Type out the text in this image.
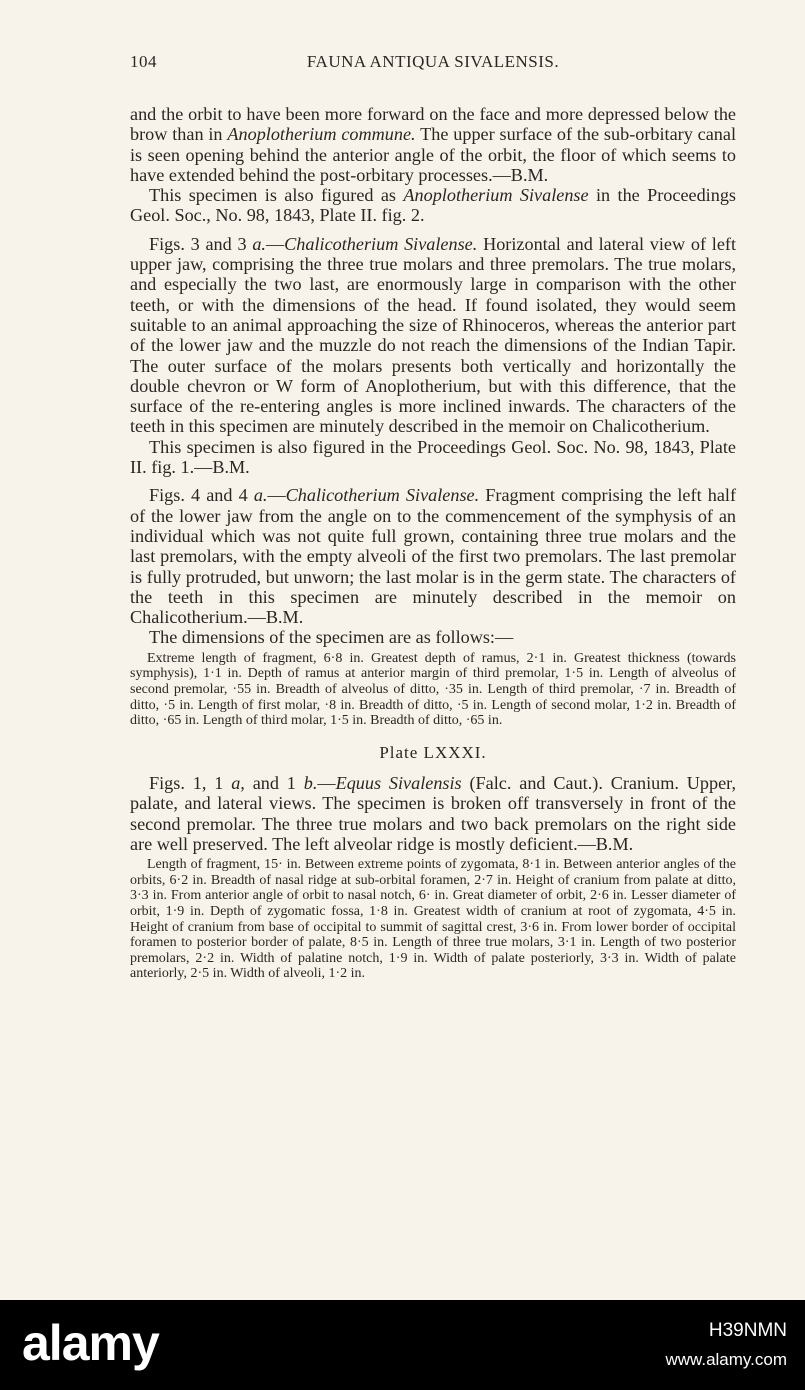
104	FAUNA ANTIQUA SIVALENSIS.

and the orbit to have been more forward on the face and more depressed below the brow than in Anoplotherium commune. The upper surface of the sub-orbitary canal is seen opening behind the anterior angle of the orbit, the floor of which seems to have extended behind the post-orbitary processes.—B.M.

This specimen is also figured as Anoplotherium Sivalense in the Proceedings Geol. Soc., No. 98, 1843, Plate II. fig. 2.

Figs. 3 and 3 a.—Chalicotherium Sivalense. Horizontal and lateral view of left upper jaw, comprising the three true molars and three premolars. The true molars, and especially the two last, are enormously large in comparison with the other teeth, or with the dimensions of the head. If found isolated, they would seem suitable to an animal approaching the size of Rhinoceros, whereas the anterior part of the lower jaw and the muzzle do not reach the dimensions of the Indian Tapir. The outer surface of the molars presents both vertically and horizontally the double chevron or W form of Anoplotherium, but with this difference, that the surface of the re-entering angles is more inclined inwards. The characters of the teeth in this specimen are minutely described in the memoir on Chalicotherium.

This specimen is also figured in the Proceedings Geol. Soc. No. 98, 1843, Plate II. fig. 1.—B.M.

Figs. 4 and 4 a.—Chalicotherium Sivalense. Fragment comprising the left half of the lower jaw from the angle on to the commencement of the symphysis of an individual which was not quite full grown, containing three true molars and the last premolars, with the empty alveoli of the first two premolars. The last premolar is fully protruded, but unworn; the last molar is in the germ state. The characters of the teeth in this specimen are minutely described in the memoir on Chalicotherium.—B.M.

The dimensions of the specimen are as follows:—

Extreme length of fragment, 6·8 in. Greatest depth of ramus, 2·1 in. Greatest thickness (towards symphysis), 1·1 in. Depth of ramus at anterior margin of third premolar, 1·5 in. Length of alveolus of second premolar, ·55 in. Breadth of alveolus of ditto, ·35 in. Length of third premolar, ·7 in. Breadth of ditto, ·5 in. Length of first molar, ·8 in. Breadth of ditto, ·5 in. Length of second molar, 1·2 in. Breadth of ditto, ·65 in. Length of third molar, 1·5 in. Breadth of ditto, ·65 in.

Plate LXXXI.

Figs. 1, 1 a, and 1 b.—Equus Sivalensis (Falc. and Caut.). Cranium. Upper, palate, and lateral views. The specimen is broken off transversely in front of the second premolar. The three true molars and two back premolars on the right side are well preserved. The left alveolar ridge is mostly deficient.—B.M.

Length of fragment, 15· in. Between extreme points of zygomata, 8·1 in. Between anterior angles of the orbits, 6·2 in. Breadth of nasal ridge at sub-orbital foramen, 2·7 in. Height of cranium from palate at ditto, 3·3 in. From anterior angle of orbit to nasal notch, 6· in. Great diameter of orbit, 2·6 in. Lesser diameter of orbit, 1·9 in. Depth of zygomatic fossa, 1·8 in. Greatest width of cranium at root of zygomata, 4·5 in. Height of cranium from base of occipital to summit of sagittal crest, 3·6 in. From lower border of occipital foramen to posterior border of palate, 8·5 in. Length of three true molars, 3·1 in. Length of two posterior premolars, 2·2 in. Width of palatine notch, 1·9 in. Width of palate posteriorly, 3·3 in. Width of palate anteriorly, 2·5 in. Width of alveoli, 1·2 in.

alamy	H39NMN
www.alamy.com
